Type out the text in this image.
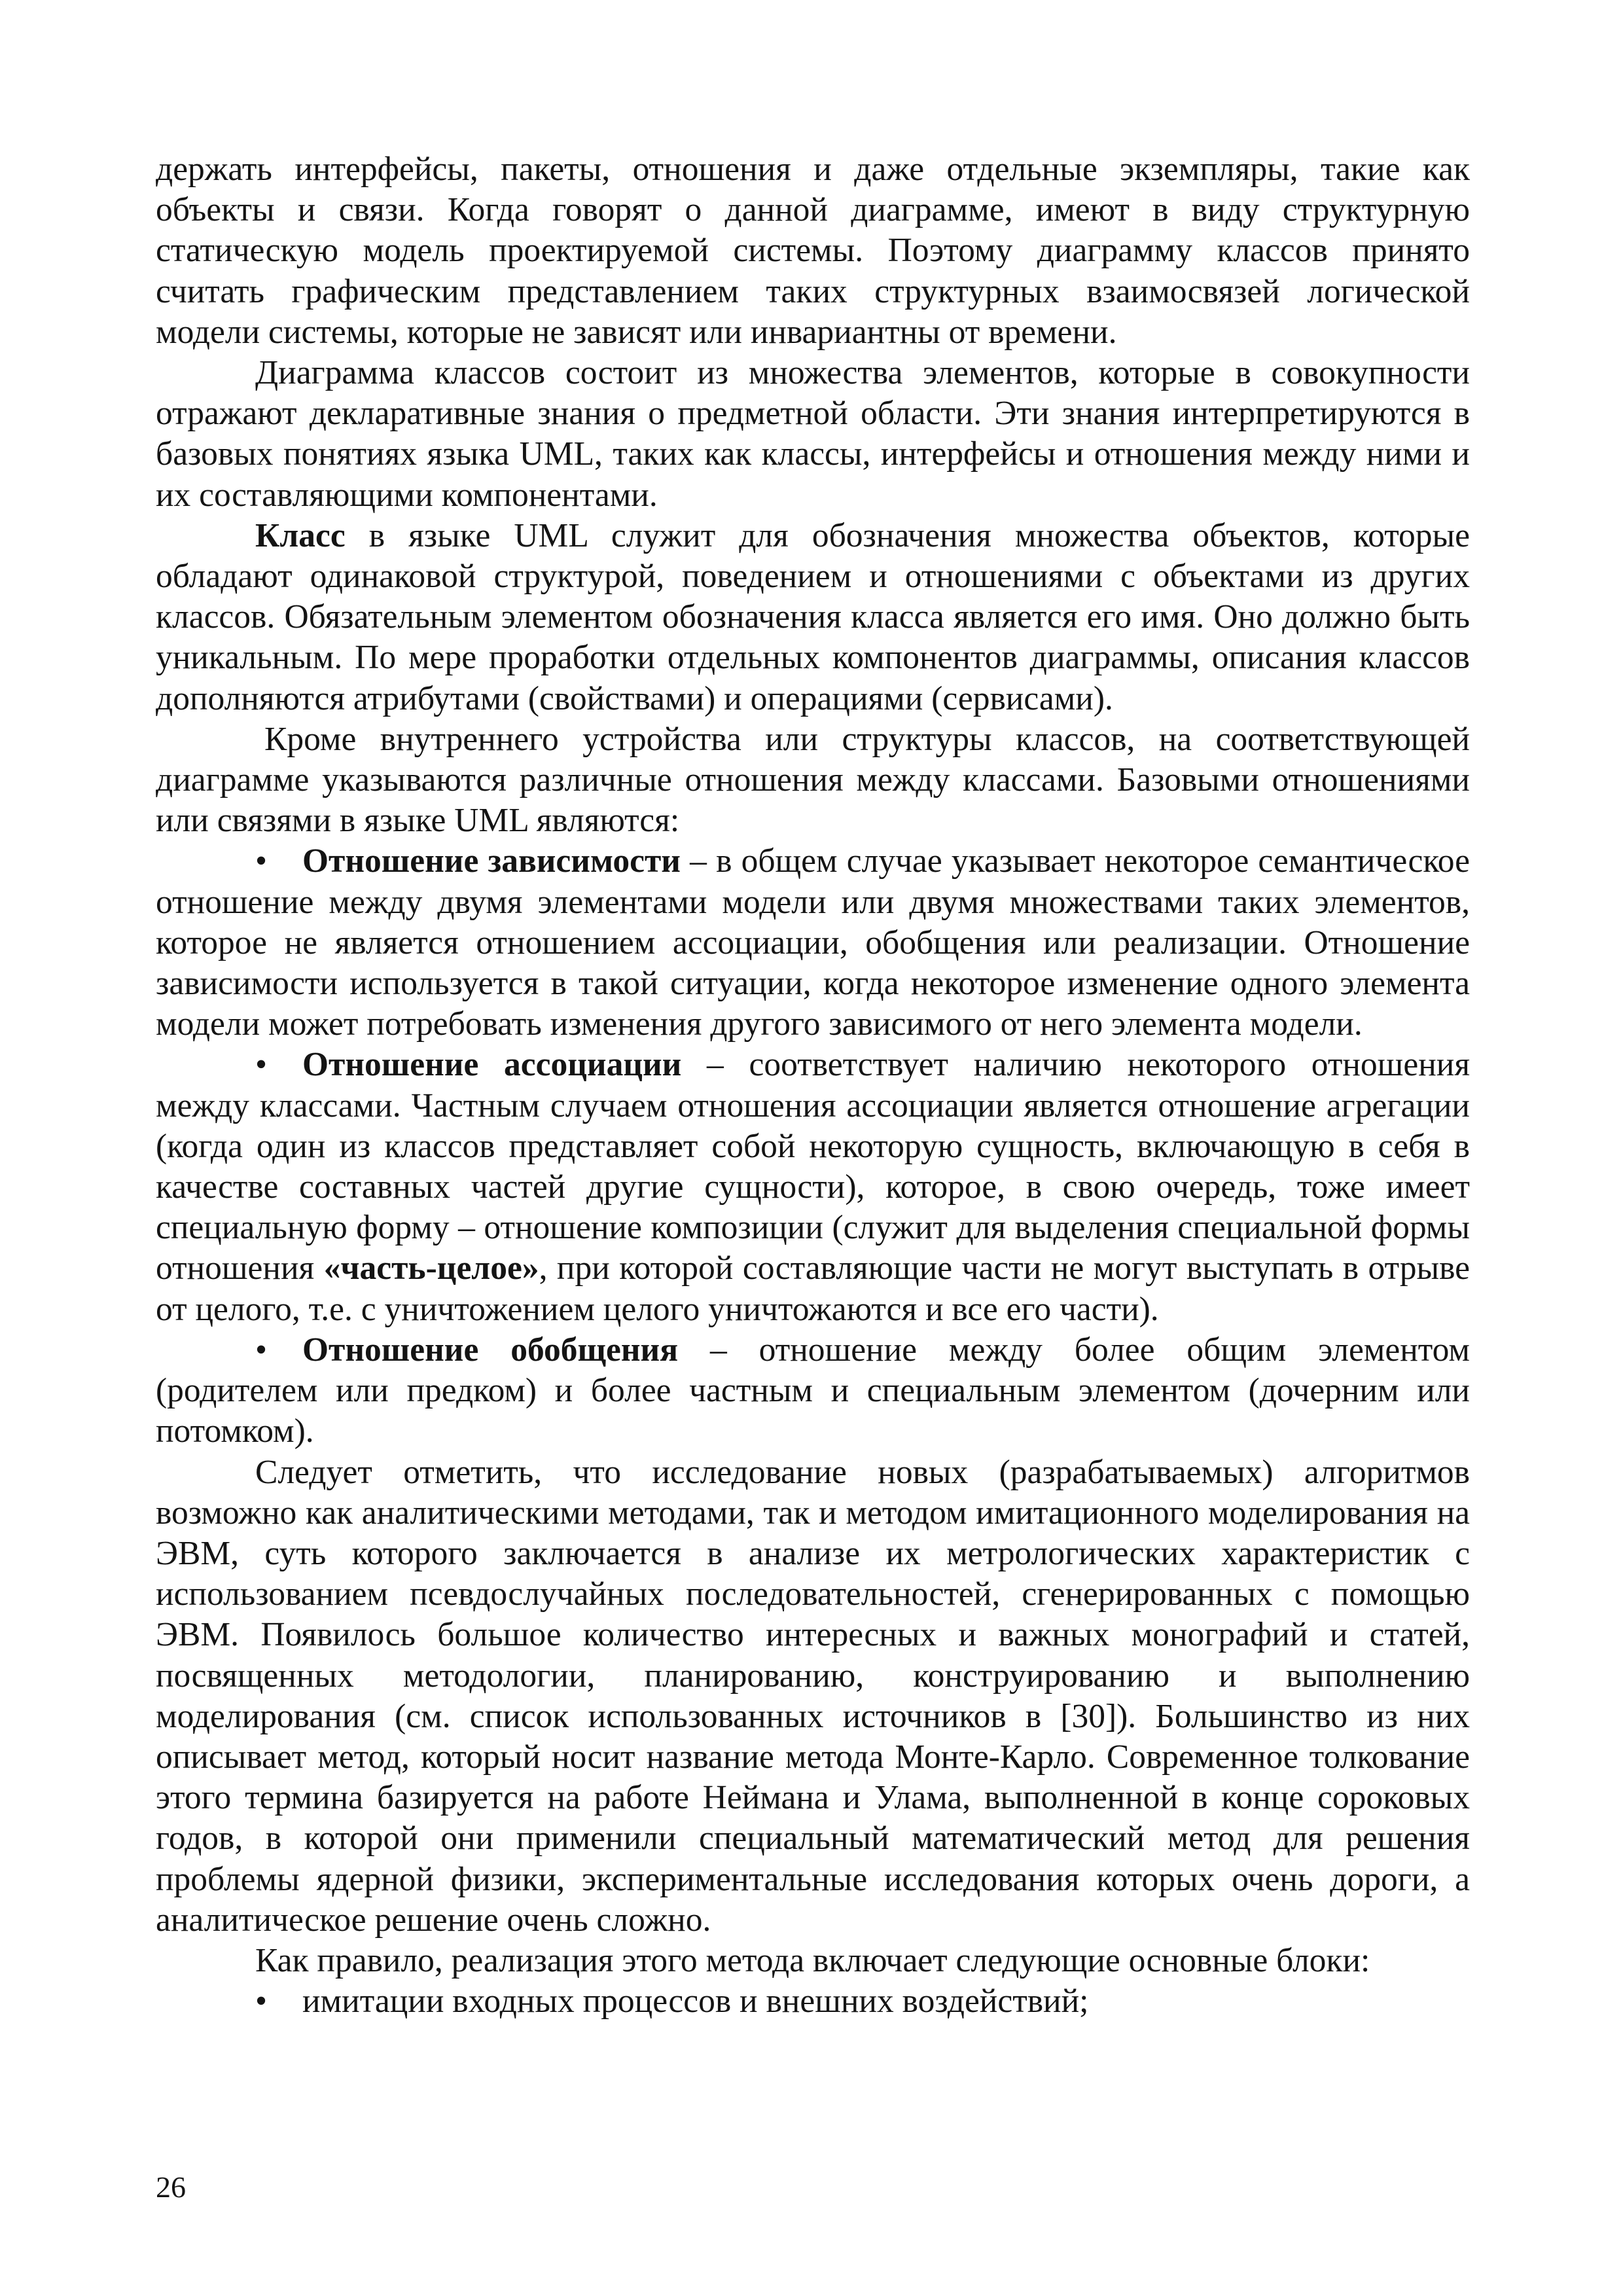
держать интерфейсы, пакеты, отношения и даже отдельные экземпляры, такие как объекты и связи. Когда говорят о данной диаграмме, имеют в виду структурную статическую модель проектируемой системы. Поэтому диаграмму классов принято считать графическим представлением таких структурных взаимосвязей логической модели системы, которые не зависят или инвариантны от времени.

Диаграмма классов состоит из множества элементов, которые в совокупности отражают декларативные знания о предметной области. Эти знания интерпретируются в базовых понятиях языка UML, таких как классы, интерфейсы и отношения между ними и их составляющими компонентами.

Класс в языке UML служит для обозначения множества объектов, которые обладают одинаковой структурой, поведением и отношениями с объектами из других классов. Обязательным элементом обозначения класса является его имя. Оно должно быть уникальным. По мере проработки отдельных компонентов диаграммы, описания классов дополняются атрибутами (свойствами) и операциями (сервисами).

Кроме внутреннего устройства или структуры классов, на соответствующей диаграмме указываются различные отношения между классами. Базовыми отношениями или связями в языке UML являются:

• Отношение зависимости – в общем случае указывает некоторое семантическое отношение между двумя элементами модели или двумя множествами таких элементов, которое не является отношением ассоциации, обобщения или реализации. Отношение зависимости используется в такой ситуации, когда некоторое изменение одного элемента модели может потребовать изменения другого зависимого от него элемента модели.

• Отношение ассоциации – соответствует наличию некоторого отношения между классами. Частным случаем отношения ассоциации является отношение агрегации (когда один из классов представляет собой некоторую сущность, включающую в себя в качестве составных частей другие сущности), которое, в свою очередь, тоже имеет специальную форму – отношение композиции (служит для выделения специальной формы отношения «часть-целое», при которой составляющие части не могут выступать в отрыве от целого, т.е. с уничтожением целого уничтожаются и все его части).

• Отношение обобщения – отношение между более общим элементом (родителем или предком) и более частным и специальным элементом (дочерним или потомком).

Следует отметить, что исследование новых (разрабатываемых) алгоритмов возможно как аналитическими методами, так и методом имитационного моделирования на ЭВМ, суть которого заключается в анализе их метрологических характеристик с использованием псевдослучайных последовательностей, сгенерированных с помощью ЭВМ. Появилось большое количество интересных и важных монографий и статей, посвященных методологии, планированию, конструированию и выполнению моделирования (см. список использованных источников в [30]). Большинство из них описывает метод, который носит название метода Монте-Карло. Современное толкование этого термина базируется на работе Неймана и Улама, выполненной в конце сороковых годов, в которой они применили специальный математический метод для решения проблемы ядерной физики, экспериментальные исследования которых очень дороги, а аналитическое решение очень сложно.

Как правило, реализация этого метода включает следующие основные блоки:

• имитации входных процессов и внешних воздействий;

26
